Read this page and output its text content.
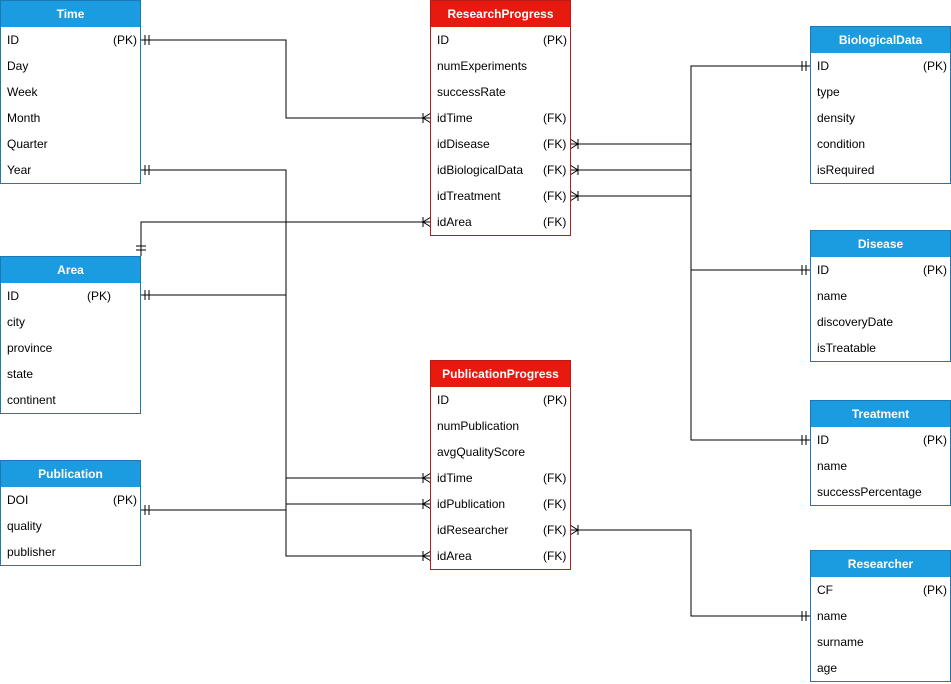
Time
ID	(PK)
Day
Week
Month
Quarter
Year
Area
ID	(PK)
city
province
state
continent
Publication
DOI	(PK)
quality
publisher
ResearchProgress
ID	(PK)
numExperiments
successRate
idTime	(FK)
idDisease	(FK)
idBiologicalData (FK)
idTreatment	(FK)
idArea	(FK)
PublicationProgress
ID	(PK)
numPublication
avgQualityScore
idTime	(FK)
idPublication	(FK)
idResearcher	(FK)
idArea	(FK)
BiologicalData
ID	(PK)
type
density
condition
isRequired
Disease
ID	(PK)
name
discoveryDate
isTreatable
Treatment
ID	(PK)
name
successPercentage
Researcher
CF	(PK)
name
surname
age
